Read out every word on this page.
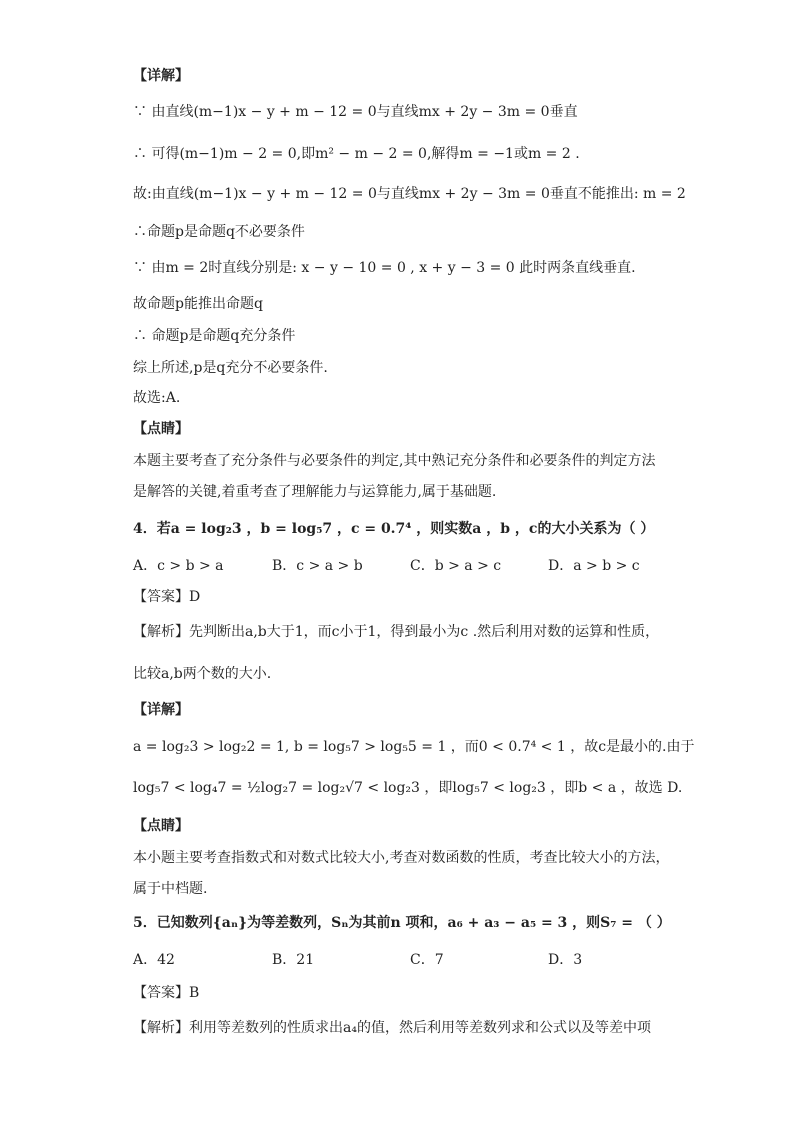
【详解】
∵ 由直线(m−1)x − y + m − 12 = 0与直线mx + 2y − 3m = 0垂直
∴ 可得(m−1)m − 2 = 0,即m² − m − 2 = 0,解得m = −1或m = 2 .
故:由直线(m−1)x − y + m − 12 = 0与直线mx + 2y − 3m = 0垂直不能推出: m = 2
∴命题p是命题q不必要条件
∵ 由m = 2时直线分别是: x − y − 10 = 0 , x + y − 3 = 0 此时两条直线垂直.
故命题p能推出命题q
∴ 命题p是命题q充分条件
综上所述,p是q充分不必要条件.
故选:A.
【点睛】
本题主要考查了充分条件与必要条件的判定,其中熟记充分条件和必要条件的判定方法
是解答的关键,着重考查了理解能力与运算能力,属于基础题.
4．若a = log₂3 ，b = log₅7 ，c = 0.7⁴ ，则实数a ，b ，c的大小关系为（ ）
A．c > b > a	B．c > a > b	C．b > a > c	D．a > b > c
【答案】D
【解析】先判断出a,b大于1，而c小于1，得到最小为c .然后利用对数的运算和性质，
比较a,b两个数的大小.
【详解】
a = log₂3 > log₂2 = 1, b = log₅7 > log₅5 = 1 ，而0 < 0.7⁴ < 1 ，故c是最小的.由于
log₅7 < log₄7 = ½log₂7 = log₂√7 < log₂3 ，即log₅7 < log₂3 ，即b < a ，故选 D.
【点睛】
本小题主要考查指数式和对数式比较大小,考查对数函数的性质，考查比较大小的方法，
属于中档题.
5．已知数列{aₙ}为等差数列，Sₙ为其前n 项和，a₆ + a₃ − a₅ = 3 ，则S₇ = （ ）
A．42	B．21	C．7	D．3
【答案】B
【解析】利用等差数列的性质求出a₄的值，然后利用等差数列求和公式以及等差中项
